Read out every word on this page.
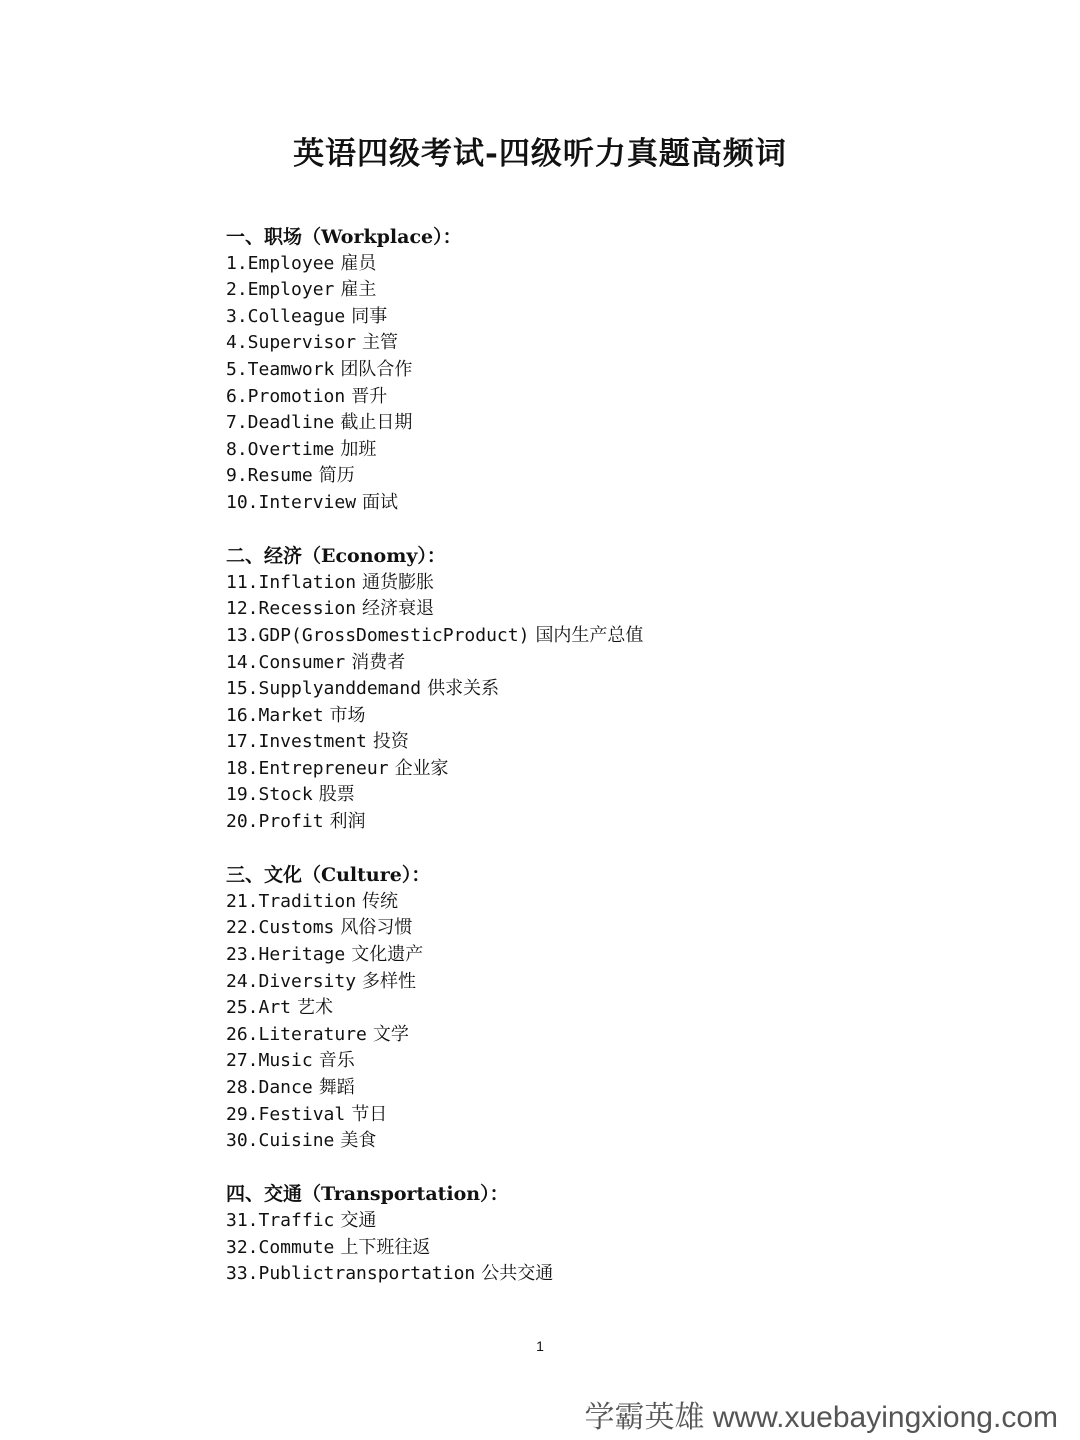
英语四级考试-四级听力真题高频词
一、职场（Workplace）：
1.Employee 雇员
2.Employer 雇主
3.Colleague 同事
4.Supervisor 主管
5.Teamwork 团队合作
6.Promotion 晋升
7.Deadline 截止日期
8.Overtime 加班
9.Resume 简历
10.Interview 面试
二、经济（Economy）：
11.Inflation 通货膨胀
12.Recession 经济衰退
13.GDP(GrossDomesticProduct) 国内生产总值
14.Consumer 消费者
15.Supplyanddemand 供求关系
16.Market 市场
17.Investment 投资
18.Entrepreneur 企业家
19.Stock 股票
20.Profit 利润
三、文化（Culture）：
21.Tradition 传统
22.Customs 风俗习惯
23.Heritage 文化遗产
24.Diversity 多样性
25.Art 艺术
26.Literature 文学
27.Music 音乐
28.Dance 舞蹈
29.Festival 节日
30.Cuisine 美食
四、交通（Transportation）：
31.Traffic 交通
32.Commute 上下班往返
33.Publictransportation 公共交通
1
学霸英雄 www.xuebayingxiong.com
